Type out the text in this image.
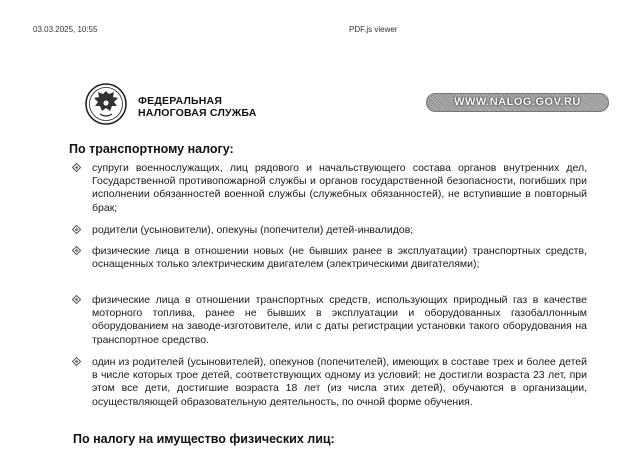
03.03.2025, 10:55	PDF.js viewer
ФЕДЕРАЛЬНАЯ
НАЛОГОВАЯ СЛУЖБА
WWW.NALOG.GOV.RU
По транспортному налогу:
супруги военнослужащих, лиц рядового и начальствующего состава органов внутренних дел, Государственной противопожарной службы и органов государственной безопасности, погибших при исполнении обязанностей военной службы (служебных обязанностей), не вступившие в повторный брак;
родители (усыновители), опекуны (попечители) детей-инвалидов;
физические лица в отношении новых (не бывших ранее в эксплуатации) транспортных средств, оснащенных только электрическим двигателем (электрическими двигателями);
физические лица в отношении транспортных средств, использующих природный газ в качестве моторного топлива, ранее не бывших в эксплуатации и оборудованных газобаллонным оборудованием на заводе-изготовителе, или с даты регистрации установки такого оборудования на транспортное средство.
один из родителей (усыновителей), опекунов (попечителей), имеющих в составе трех и более детей в числе которых трое детей, соответствующих одному из условий: не достигли возраста 23 лет, при этом все дети, достигшие возраста 18 лет (из числа этих детей), обучаются в организации, осуществляющей образовательную деятельность, по очной форме обучения.
По налогу на имущество физических лиц:
